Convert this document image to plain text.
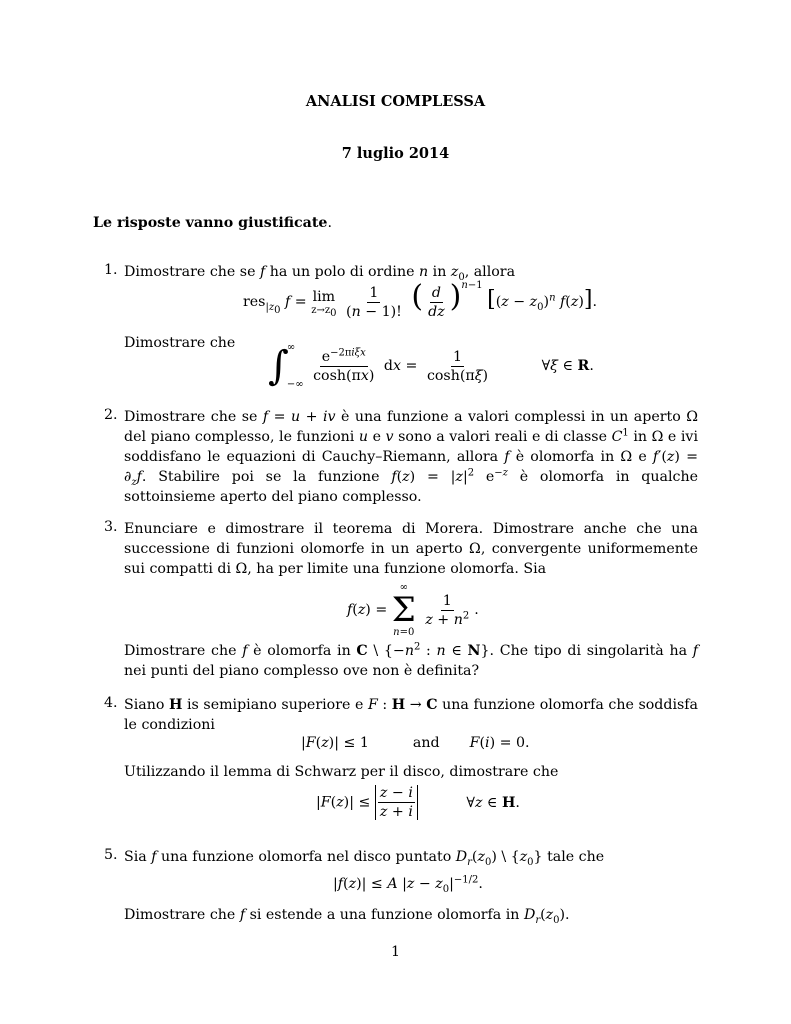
ANALISI COMPLESSA
7 luglio 2014
Le risposte vanno giustificate.
1. Dimostrare che se f ha un polo di ordine n in $z_0$, allora
res$_{|z_0}$ f = lim
$z\to z_0$
$\frac{1}{(n - 1)!}$ ( $\frac{d}{dz} )^{n-1}$ [$(z - z_0)^n$ f(z)].
Dimostrare che ∫
∞
−∞

$\frac{e^{-2\pi i\xi x}}{\cosh(\pi x)}$ dx = $\frac{1}{\cosh(\pi\xi)}$	∀ξ ∈ R.
2. Dimostrare che se f = u + iv è una funzione a valori complessi in un aperto Ω del piano complesso, le funzioni u e v sono a valori reali e di classe $C^1$ in Ω e ivi soddisfano le equazioni di Cauchy–Riemann, allora f è olomorfa in Ω e $f'(z) = \partial_zf$. Stabilire poi se la funzione $f(z) = |z|^2$ $e^{-z}$ è olomorfa in qualche sottoinsieme aperto del piano complesso.
3. Enunciare e dimostrare il teorema di Morera. Dimostrare anche che una successione di funzioni olomorfe in un aperto Ω, convergente uniformemente sui compatti di Ω, ha per limite una funzione olomorfa. Sia
f(z) =
∞
Σ
n=0

$\frac{1}{z + n^2}$ .
Dimostrare che f è olomorfa in C \ {$-n^2$ : n ∈ N}. Che tipo di singolarità ha f nei punti del piano complesso ove non è definita?
4. Siano H is semipiano superiore e F : H → C una funzione olomorfa che soddisfa le condizioni
|F(z)| ≤ 1	and F(i) = 0.
Utilizzando il lemma di Schwarz per il disco, dimostrare che
$|F(z)| \le \frac{z - i}{z + i}$	∀z ∈ H.
5. Sia f una funzione olomorfa nel disco puntato $D_r(z_0)$ \ $\{z_0\}$ tale che
|f(z)| ≤ A $|z - z_0|^{-1/2}$.
Dimostrare che f si estende a una funzione olomorfa in $D_r(z_0)$.
1
